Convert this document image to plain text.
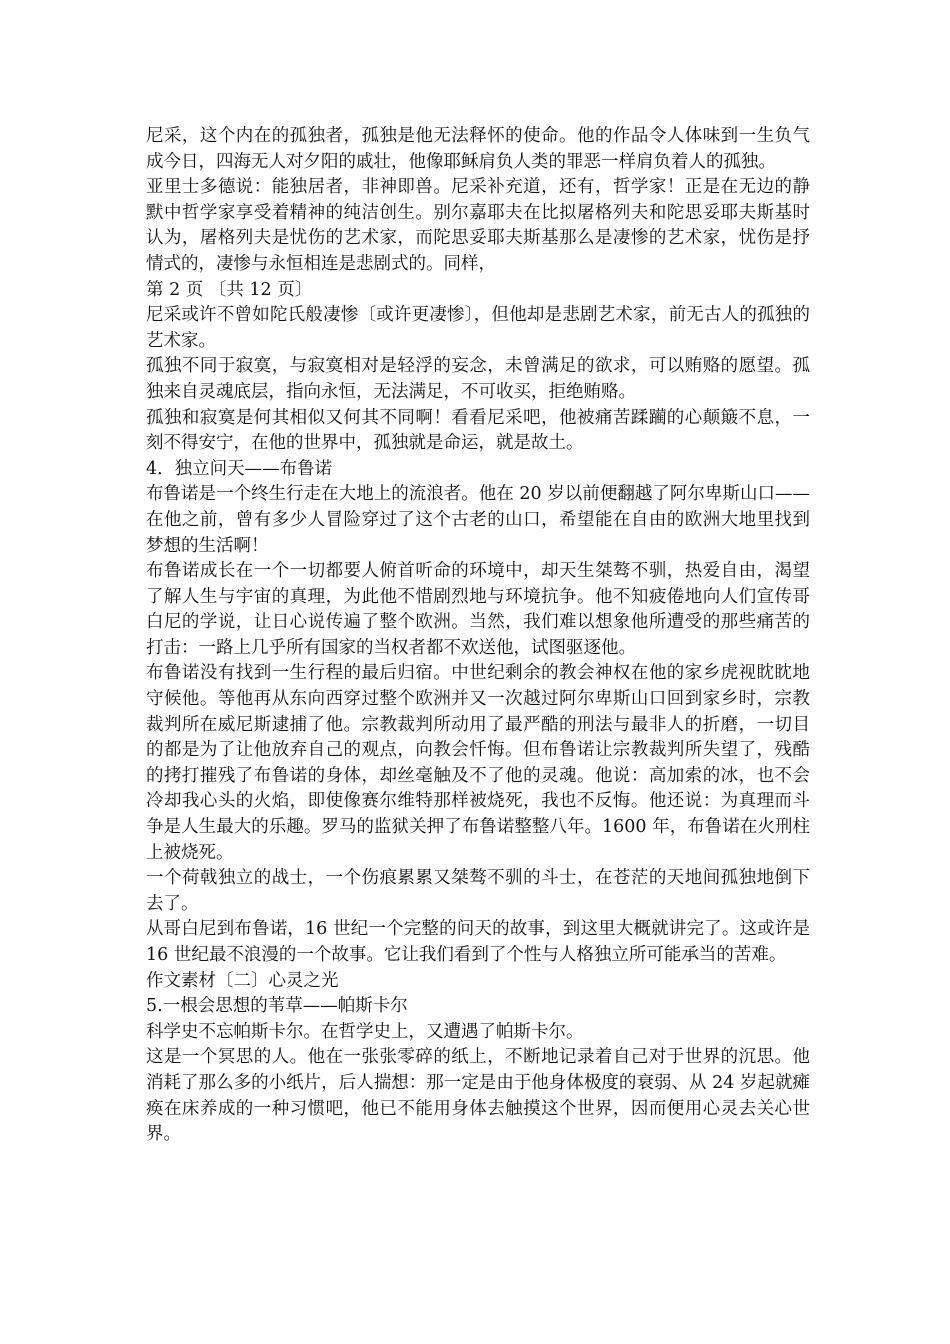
尼采，这个内在的孤独者，孤独是他无法释怀的使命。他的作品令人体味到一生负气成今日，四海无人对夕阳的戚壮，他像耶稣肩负人类的罪恶一样肩负着人的孤独。

亚里士多德说：能独居者，非神即兽。尼采补充道，还有，哲学家！正是在无边的静默中哲学家享受着精神的纯洁创生。别尔嘉耶夫在比拟屠格列夫和陀思妥耶夫斯基时认为，屠格列夫是忧伤的艺术家，而陀思妥耶夫斯基那么是凄惨的艺术家，忧伤是抒情式的，凄惨与永恒相连是悲剧式的。同样，

第 2 页 〔共 12 页〕

尼采或许不曾如陀氏般凄惨〔或许更凄惨〕，但他却是悲剧艺术家，前无古人的孤独的艺术家。

孤独不同于寂寞，与寂寞相对是轻浮的妄念，未曾满足的欲求，可以贿赂的愿望。孤独来自灵魂底层，指向永恒，无法满足，不可收买，拒绝贿赂。

孤独和寂寞是何其相似又何其不同啊！看看尼采吧，他被痛苦蹂躏的心颠簸不息，一刻不得安宁，在他的世界中，孤独就是命运，就是故土。

4．独立问天——布鲁诺

布鲁诺是一个终生行走在大地上的流浪者。他在 20 岁以前便翻越了阿尔卑斯山口——在他之前，曾有多少人冒险穿过了这个古老的山口，希望能在自由的欧洲大地里找到梦想的生活啊！

布鲁诺成长在一个一切都要人俯首听命的环境中，却天生桀骜不驯，热爱自由，渴望了解人生与宇宙的真理，为此他不惜剧烈地与环境抗争。他不知疲倦地向人们宣传哥白尼的学说，让日心说传遍了整个欧洲。当然，我们难以想象他所遭受的那些痛苦的打击：一路上几乎所有国家的当权者都不欢送他，试图驱逐他。

布鲁诺没有找到一生行程的最后归宿。中世纪剩余的教会神权在他的家乡虎视眈眈地守候他。等他再从东向西穿过整个欧洲并又一次越过阿尔卑斯山口回到家乡时，宗教裁判所在威尼斯逮捕了他。宗教裁判所动用了最严酷的刑法与最非人的折磨，一切目的都是为了让他放弃自己的观点，向教会忏悔。但布鲁诺让宗教裁判所失望了，残酷的拷打摧残了布鲁诺的身体，却丝毫触及不了他的灵魂。他说：高加索的冰，也不会冷却我心头的火焰，即使像赛尔维特那样被烧死，我也不反悔。他还说：为真理而斗争是人生最大的乐趣。罗马的监狱关押了布鲁诺整整八年。1600 年，布鲁诺在火刑柱上被烧死。

一个荷戟独立的战士，一个伤痕累累又桀骜不驯的斗士，在苍茫的天地间孤独地倒下去了。

从哥白尼到布鲁诺，16 世纪一个完整的问天的故事，到这里大概就讲完了。这或许是 16 世纪最不浪漫的一个故事。它让我们看到了个性与人格独立所可能承当的苦难。

作文素材〔二〕心灵之光

5.一根会思想的苇草——帕斯卡尔

科学史不忘帕斯卡尔。在哲学史上，又遭遇了帕斯卡尔。

这是一个冥思的人。他在一张张零碎的纸上，不断地记录着自己对于世界的沉思。他消耗了那么多的小纸片，后人揣想：那一定是由于他身体极度的衰弱、从 24 岁起就瘫痪在床养成的一种习惯吧，他已不能用身体去触摸这个世界，因而便用心灵去关心世界。
